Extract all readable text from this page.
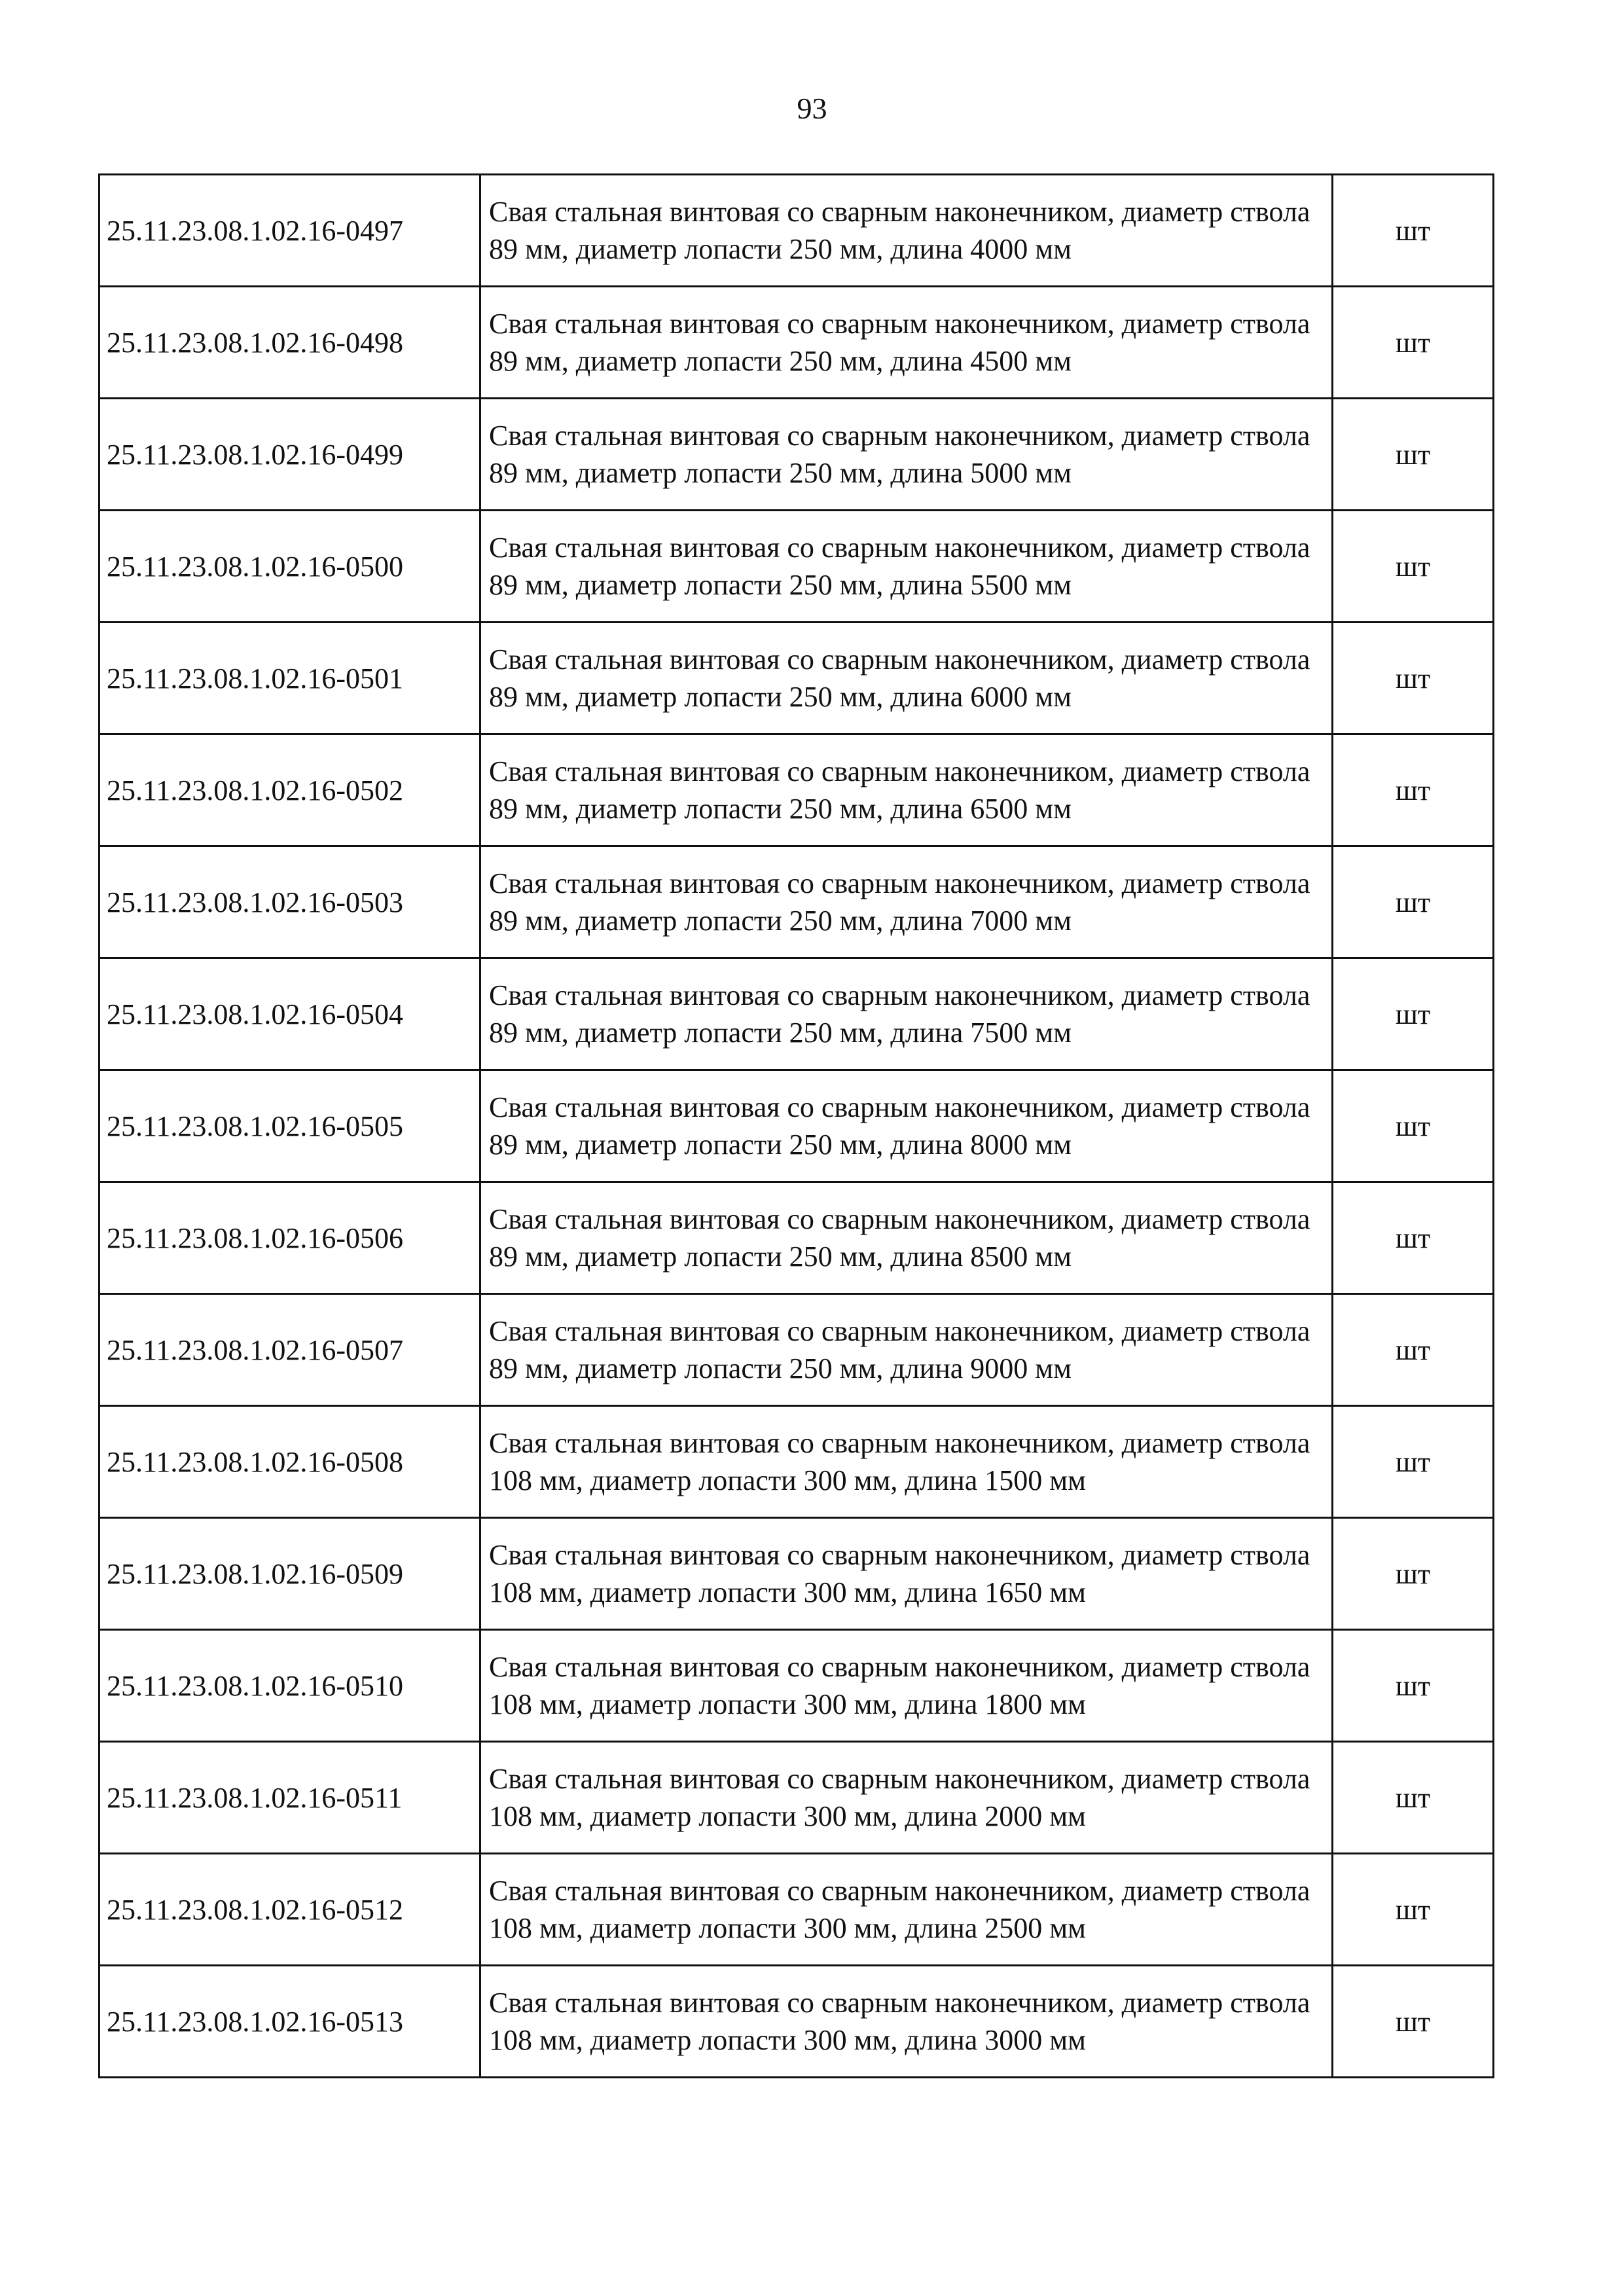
93
25.11.23.08.1.02.16-0497	Свая стальная винтовая со сварным наконечником, диаметр ствола 89 мм, диаметр лопасти 250 мм, длина 4000 мм	шт
25.11.23.08.1.02.16-0498	Свая стальная винтовая со сварным наконечником, диаметр ствола 89 мм, диаметр лопасти 250 мм, длина 4500 мм	шт
25.11.23.08.1.02.16-0499	Свая стальная винтовая со сварным наконечником, диаметр ствола 89 мм, диаметр лопасти 250 мм, длина 5000 мм	шт
25.11.23.08.1.02.16-0500	Свая стальная винтовая со сварным наконечником, диаметр ствола 89 мм, диаметр лопасти 250 мм, длина 5500 мм	шт
25.11.23.08.1.02.16-0501	Свая стальная винтовая со сварным наконечником, диаметр ствола 89 мм, диаметр лопасти 250 мм, длина 6000 мм	шт
25.11.23.08.1.02.16-0502	Свая стальная винтовая со сварным наконечником, диаметр ствола 89 мм, диаметр лопасти 250 мм, длина 6500 мм	шт
25.11.23.08.1.02.16-0503	Свая стальная винтовая со сварным наконечником, диаметр ствола 89 мм, диаметр лопасти 250 мм, длина 7000 мм	шт
25.11.23.08.1.02.16-0504	Свая стальная винтовая со сварным наконечником, диаметр ствола 89 мм, диаметр лопасти 250 мм, длина 7500 мм	шт
25.11.23.08.1.02.16-0505	Свая стальная винтовая со сварным наконечником, диаметр ствола 89 мм, диаметр лопасти 250 мм, длина 8000 мм	шт
25.11.23.08.1.02.16-0506	Свая стальная винтовая со сварным наконечником, диаметр ствола 89 мм, диаметр лопасти 250 мм, длина 8500 мм	шт
25.11.23.08.1.02.16-0507	Свая стальная винтовая со сварным наконечником, диаметр ствола 89 мм, диаметр лопасти 250 мм, длина 9000 мм	шт
25.11.23.08.1.02.16-0508	Свая стальная винтовая со сварным наконечником, диаметр ствола 108 мм, диаметр лопасти 300 мм, длина 1500 мм	шт
25.11.23.08.1.02.16-0509	Свая стальная винтовая со сварным наконечником, диаметр ствола 108 мм, диаметр лопасти 300 мм, длина 1650 мм	шт
25.11.23.08.1.02.16-0510	Свая стальная винтовая со сварным наконечником, диаметр ствола 108 мм, диаметр лопасти 300 мм, длина 1800 мм	шт
25.11.23.08.1.02.16-0511	Свая стальная винтовая со сварным наконечником, диаметр ствола 108 мм, диаметр лопасти 300 мм, длина 2000 мм	шт
25.11.23.08.1.02.16-0512	Свая стальная винтовая со сварным наконечником, диаметр ствола 108 мм, диаметр лопасти 300 мм, длина 2500 мм	шт
25.11.23.08.1.02.16-0513	Свая стальная винтовая со сварным наконечником, диаметр ствола 108 мм, диаметр лопасти 300 мм, длина 3000 мм	шт
